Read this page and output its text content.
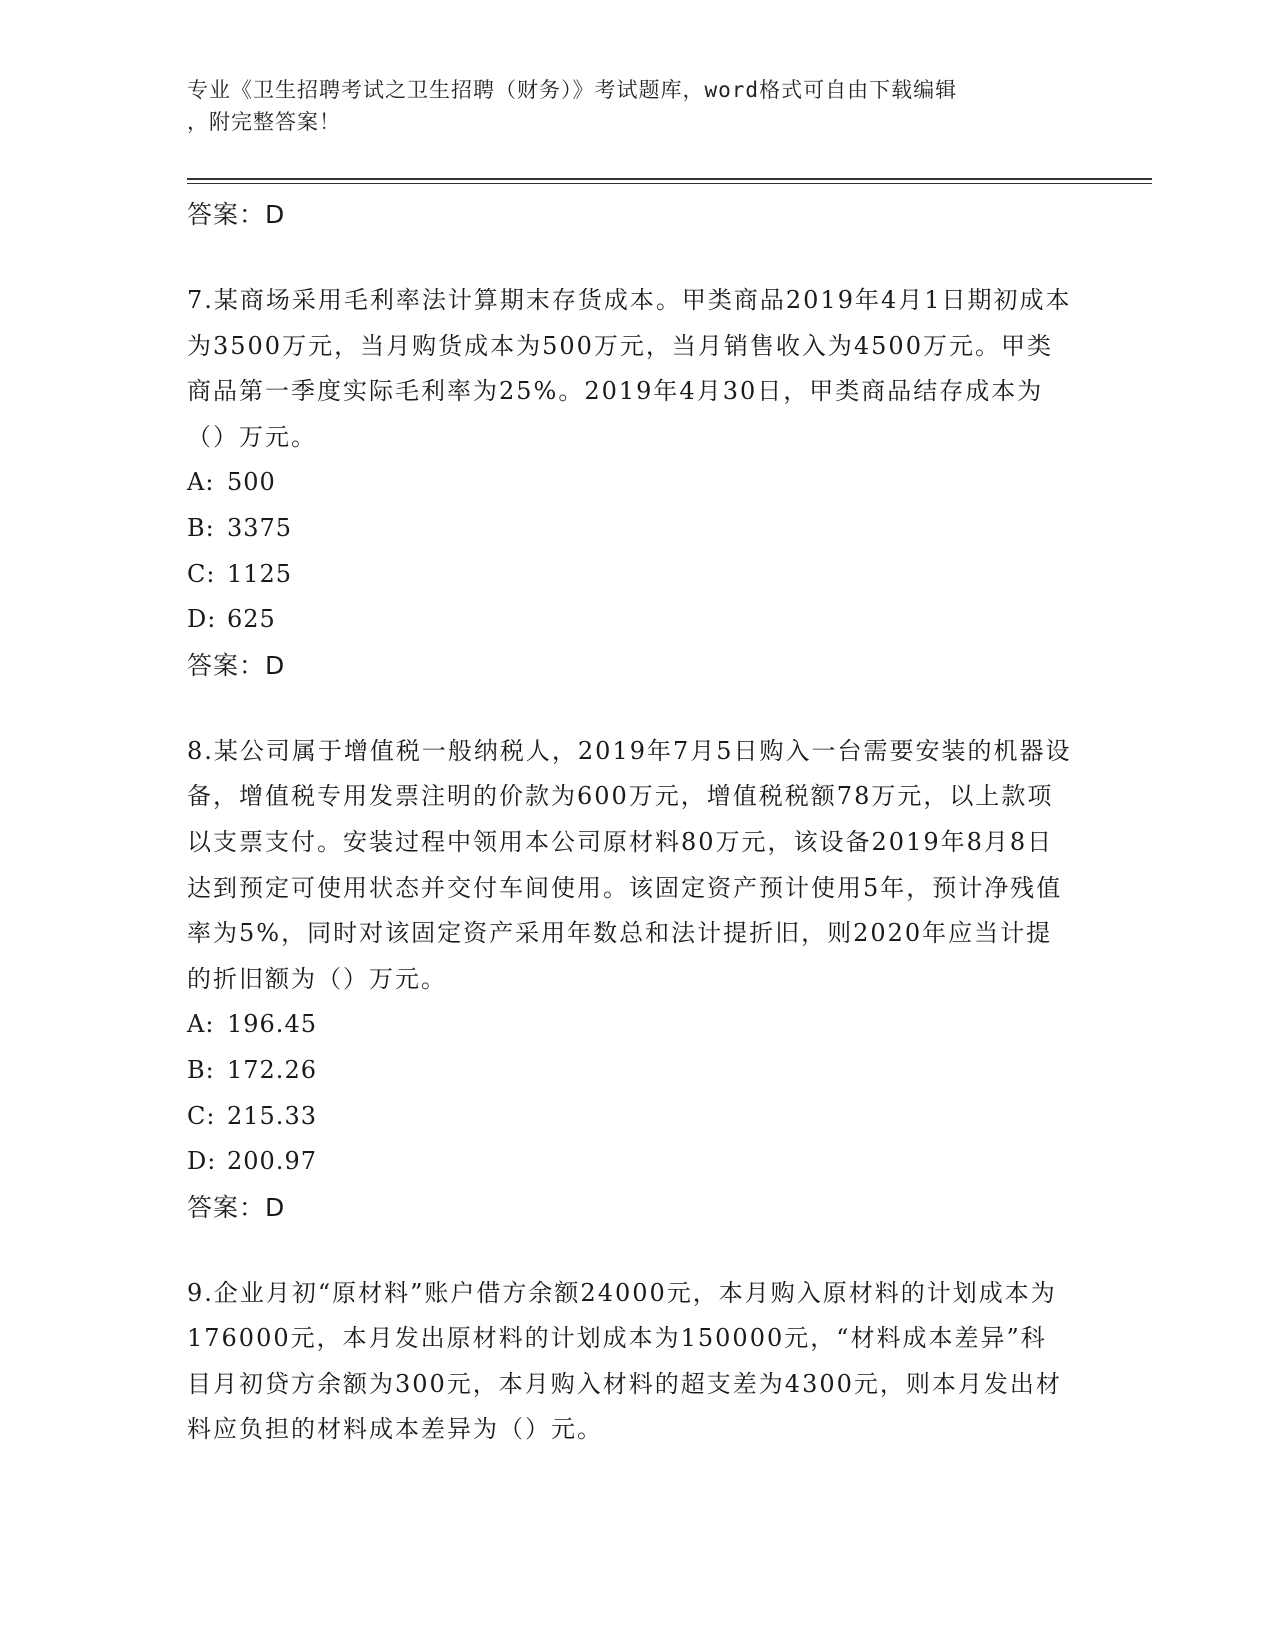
专业《卫生招聘考试之卫生招聘（财务）》考试题库，word格式可自由下载编辑

，附完整答案！

答案：D

7.某商场采用毛利率法计算期末存货成本。甲类商品2019年4月1日期初成本为3500万元，当月购货成本为500万元，当月销售收入为4500万元。甲类商品第一季度实际毛利率为25%。2019年4月30日，甲类商品结存成本为（）万元。

A: 500

B: 3375

C: 1125

D: 625

答案：D

8.某公司属于增值税一般纳税人，2019年7月5日购入一台需要安装的机器设备，增值税专用发票注明的价款为600万元，增值税税额78万元，以上款项以支票支付。安装过程中领用本公司原材料80万元，该设备2019年8月8日达到预定可使用状态并交付车间使用。该固定资产预计使用5年，预计净残值率为5%，同时对该固定资产采用年数总和法计提折旧，则2020年应当计提的折旧额为（）万元。

A: 196.45

B: 172.26

C: 215.33

D: 200.97

答案：D

9.企业月初“原材料”账户借方余额24000元，本月购入原材料的计划成本为176000元，本月发出原材料的计划成本为150000元，“材料成本差异”科目月初贷方余额为300元，本月购入材料的超支差为4300元，则本月发出材料应负担的材料成本差异为（）元。
